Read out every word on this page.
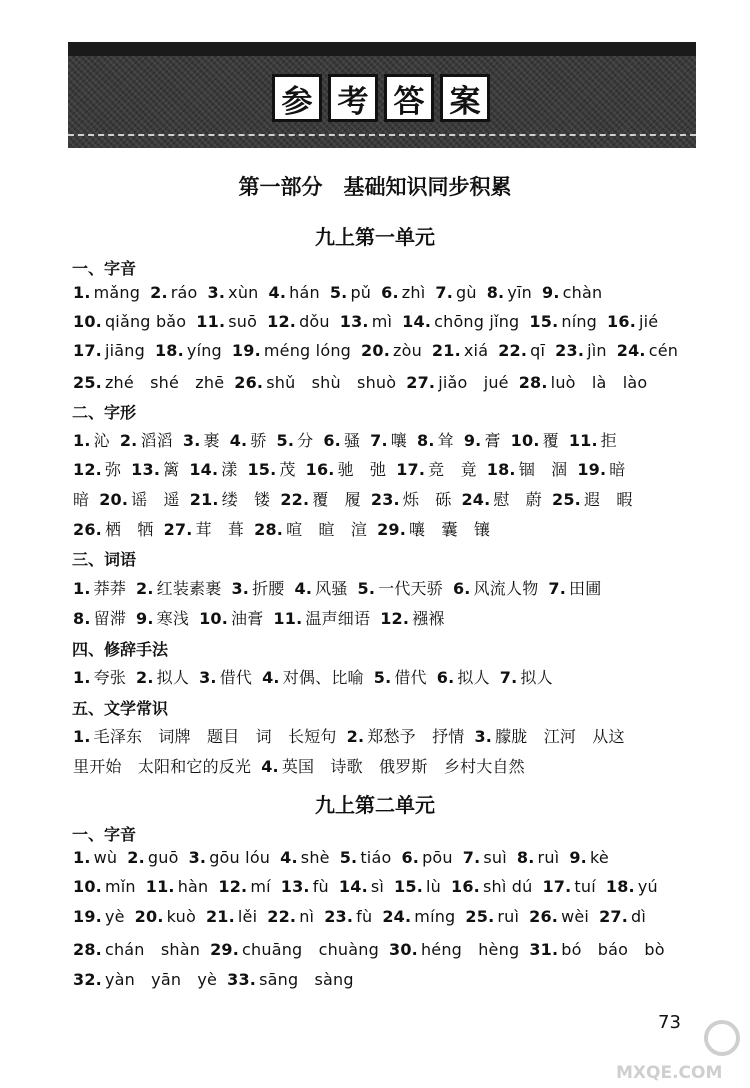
参 考 答 案
第一部分　基础知识同步积累
九上第一单元
一、字音
1. mǎng 2. ráo 3. xùn 4. hán 5. pǔ 6. zhì 7. gù 8. yīn 9. chàn
10. qiǎng bǎo 11. suō 12. dǒu 13. mì 14. chōng jǐng 15. níng 16. jié
17. jiāng 18. yíng 19. méng lóng 20. zòu 21. xiá 22. qī 23. jìn 24. cén
25. zhé　shé　zhē 26. shǔ　shù　shuò 27. jiǎo　jué 28. luò　là　lào
二、字形
1. 沁 2. 滔滔 3. 裹 4. 骄 5. 分 6. 骚 7. 嚷 8. 耸 9. 膏 10. 覆 11. 拒
12. 弥 13. 篱 14. 漾 15. 茂 16. 驰　弛 17. 竞　竟 18. 锢　涸 19. 暗
暗 20. 谣　遥 21. 缕　镂 22. 覆　履 23. 烁　砾 24. 慰　蔚 25. 遐　暇
26. 栖　牺 27. 茸　葺 28. 喧　暄　渲 29. 嚷　囊　镶
三、词语
1. 莽莽 2. 红装素裹 3. 折腰 4. 风骚 5. 一代天骄 6. 风流人物 7. 田圃
8. 留滞 9. 寒浅 10. 油膏 11. 温声细语 12. 襁褓
四、修辞手法
1. 夸张 2. 拟人 3. 借代 4. 对偶、比喻 5. 借代 6. 拟人 7. 拟人
五、文学常识
1. 毛泽东　词牌　题目　词　长短句 2. 郑愁予　抒情 3. 朦胧　江河　从这
里开始　太阳和它的反光 4. 英国　诗歌　俄罗斯　乡村大自然
九上第二单元
一、字音
1. wù 2. guō 3. gōu lóu 4. shè 5. tiáo 6. pōu 7. suì 8. ruì 9. kè
10. mǐn 11. hàn 12. mí 13. fù 14. sì 15. lù 16. shì dú 17. tuí 18. yú
19. yè 20. kuò 21. lěi 22. nì 23. fù 24. míng 25. ruì 26. wèi 27. dì
28. chán　shàn 29. chuāng　chuàng 30. héng　hèng 31. bó　báo　bò
32. yàn　yān　yè 33. sāng　sàng
73
MXQE.COM
